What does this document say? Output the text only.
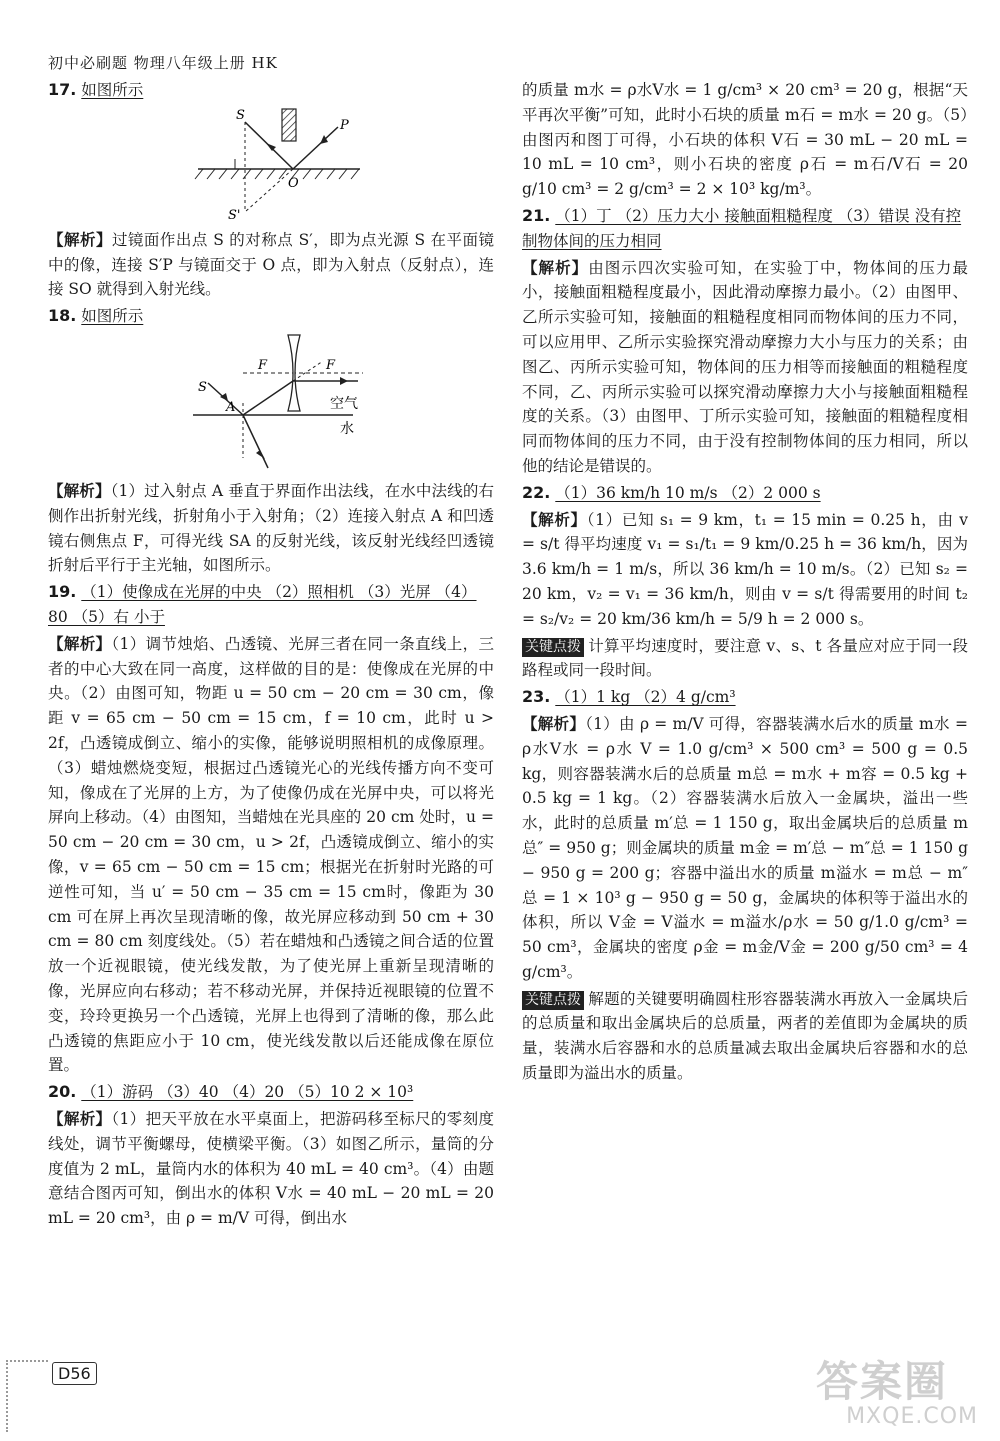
初中必刷题 物理八年级上册 HK
17. 如图所示
S
P
O
S'
【解析】过镜面作出点 S 的对称点 S′，即为点光源 S 在平面镜中的像，连接 S′P 与镜面交于 O 点，即为入射点（反射点），连接 SO 就得到入射光线。
18. 如图所示
S
A
F	F
空气
水
【解析】（1）过入射点 A 垂直于界面作出法线，在水中法线的右侧作出折射光线，折射角小于入射角；（2）连接入射点 A 和凹透镜右侧焦点 F，可得光线 SA 的反射光线，该反射光线经凹透镜折射后平行于主光轴，如图所示。
19. （1）使像成在光屏的中央 （2）照相机 （3）光屏 （4）80 （5）右 小于
【解析】（1）调节烛焰、凸透镜、光屏三者在同一条直线上，三者的中心大致在同一高度，这样做的目的是：使像成在光屏的中央。（2）由图可知，物距 u = 50 cm − 20 cm = 30 cm，像距 v = 65 cm − 50 cm = 15 cm，f = 10 cm，此时 u > 2f，凸透镜成倒立、缩小的实像，能够说明照相机的成像原理。（3）蜡烛燃烧变短，根据过凸透镜光心的光线传播方向不变可知，像成在了光屏的上方，为了使像仍成在光屏中央，可以将光屏向上移动。（4）由图知，当蜡烛在光具座的 20 cm 处时，u = 50 cm − 20 cm = 30 cm，u > 2f，凸透镜成倒立、缩小的实像，v = 65 cm − 50 cm = 15 cm；根据光在折射时光路的可逆性可知，当 u′ = 50 cm − 35 cm = 15 cm时，像距为 30 cm 可在屏上再次呈现清晰的像，故光屏应移动到 50 cm + 30 cm = 80 cm 刻度线处。（5）若在蜡烛和凸透镜之间合适的位置放一个近视眼镜，使光线发散，为了使光屏上重新呈现清晰的像，光屏应向右移动；若不移动光屏，并保持近视眼镜的位置不变，玲玲更换另一个凸透镜，光屏上也得到了清晰的像，那么此凸透镜的焦距应小于 10 cm，使光线发散以后还能成像在原位置。
20. （1）游码 （3）40 （4）20 （5）10 2 × 10³
【解析】（1）把天平放在水平桌面上，把游码移至标尺的零刻度线处，调节平衡螺母，使横梁平衡。（3）如图乙所示，量筒的分度值为 2 mL，量筒内水的体积为 40 mL = 40 cm³。（4）由题意结合图丙可知，倒出水的体积 V水 = 40 mL − 20 mL = 20 mL = 20 cm³，由 ρ = m/V 可得，倒出水
的质量 m水 = ρ水V水 = 1 g/cm³ × 20 cm³ = 20 g，根据“天平再次平衡”可知，此时小石块的质量 m石 = m水 = 20 g。（5）由图丙和图丁可得，小石块的体积 V石 = 30 mL − 20 mL = 10 mL = 10 cm³，则小石块的密度 ρ石 = m石/V石 = 20 g/10 cm³ = 2 g/cm³ = 2 × 10³ kg/m³。
21. （1）丁 （2）压力大小 接触面粗糙程度 （3）错误 没有控制物体间的压力相同
【解析】由图示四次实验可知，在实验丁中，物体间的压力最小，接触面粗糙程度最小，因此滑动摩擦力最小。（2）由图甲、乙所示实验可知，接触面的粗糙程度相同而物体间的压力不同，可以应用甲、乙所示实验探究滑动摩擦力大小与压力的关系；由图乙、丙所示实验可知，物体间的压力相等而接触面的粗糙程度不同，乙、丙所示实验可以探究滑动摩擦力大小与接触面粗糙程度的关系。（3）由图甲、丁所示实验可知，接触面的粗糙程度相同而物体间的压力不同，由于没有控制物体间的压力相同，所以他的结论是错误的。
22. （1）36 km/h 10 m/s （2）2 000 s
【解析】（1）已知 s₁ = 9 km，t₁ = 15 min = 0.25 h，由 v = s/t 得平均速度 v₁ = s₁/t₁ = 9 km/0.25 h = 36 km/h，因为 3.6 km/h = 1 m/s，所以 36 km/h = 10 m/s。（2）已知 s₂ = 20 km，v₂ = v₁ = 36 km/h，则由 v = s/t 得需要用的时间 t₂ = s₂/v₂ = 20 km/36 km/h = 5/9 h = 2 000 s。
关键点拨 计算平均速度时，要注意 v、s、t 各量应对应于同一段路程或同一段时间。
23. （1）1 kg （2）4 g/cm³
【解析】（1）由 ρ = m/V 可得，容器装满水后水的质量 m水 = ρ水V水 = ρ水 V = 1.0 g/cm³ × 500 cm³ = 500 g = 0.5 kg，则容器装满水后的总质量 m总 = m水 + m容 = 0.5 kg + 0.5 kg = 1 kg。（2）容器装满水后放入一金属块，溢出一些水，此时的总质量 m′总 = 1 150 g，取出金属块后的总质量 m总″ = 950 g；则金属块的质量 m金 = m′总 − m″总 = 1 150 g − 950 g = 200 g；容器中溢出水的质量 m溢水 = m总 − m″总 = 1 × 10³ g − 950 g = 50 g，金属块的体积等于溢出水的体积，所以 V金 = V溢水 = m溢水/ρ水 = 50 g/1.0 g/cm³ = 50 cm³，金属块的密度 ρ金 = m金/V金 = 200 g/50 cm³ = 4 g/cm³。
关键点拨 解题的关键要明确圆柱形容器装满水再放入一金属块后的总质量和取出金属块后的总质量，两者的差值即为金属块的质量，装满水后容器和水的总质量减去取出金属块后容器和水的总质量即为溢出水的质量。
D56	答案圈
MXQE.COM
